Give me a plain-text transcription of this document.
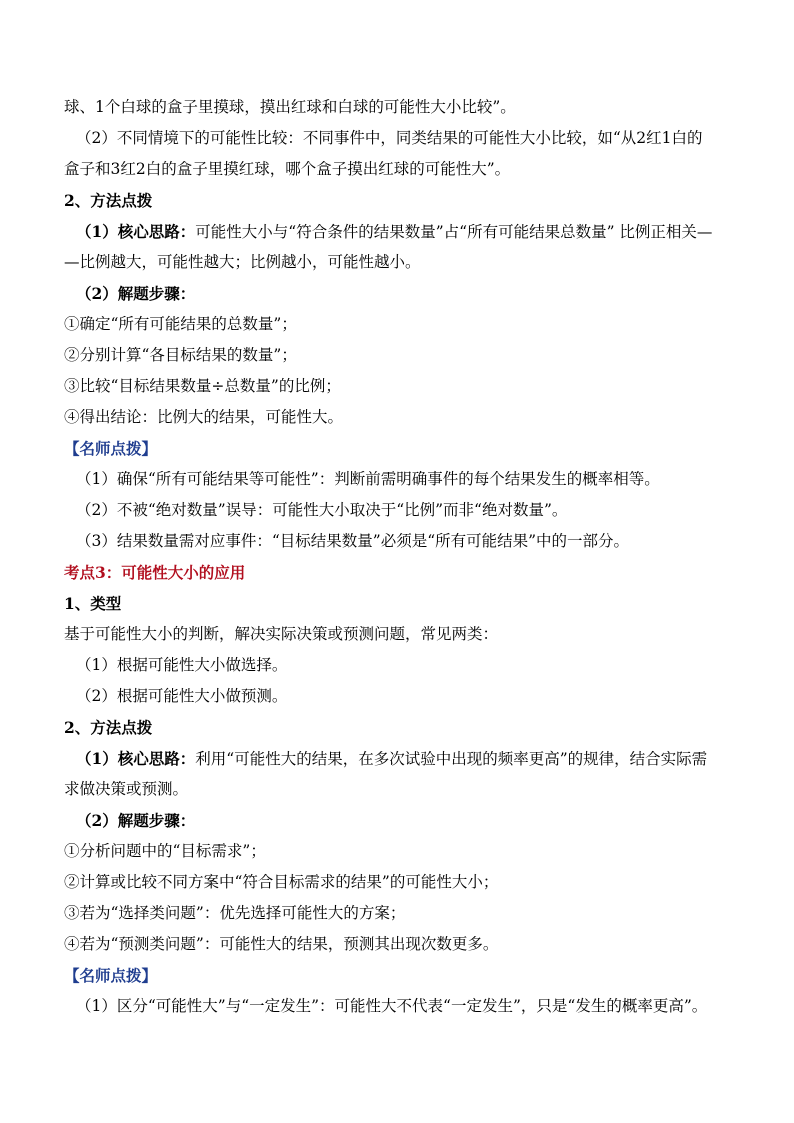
球、1个白球的盒子里摸球，摸出红球和白球的可能性大小比较”。
（2）不同情境下的可能性比较：不同事件中，同类结果的可能性大小比较，如“从2红1白的
盒子和3红2白的盒子里摸红球，哪个盒子摸出红球的可能性大”。
2、方法点拨
（1）核心思路：可能性大小与“符合条件的结果数量”占“所有可能结果总数量” 比例正相关—
—比例越大，可能性越大；比例越小，可能性越小。
（2）解题步骤：
①确定“所有可能结果的总数量”；
②分别计算“各目标结果的数量”；
③比较“目标结果数量÷总数量”的比例；
④得出结论：比例大的结果，可能性大。
【名师点拨】
（1）确保“所有可能结果等可能性”：判断前需明确事件的每个结果发生的概率相等。
（2）不被“绝对数量”误导：可能性大小取决于“比例”而非“绝对数量”。
（3）结果数量需对应事件：“目标结果数量”必须是“所有可能结果”中的一部分。
考点3：可能性大小的应用
1、类型
基于可能性大小的判断，解决实际决策或预测问题，常见两类：
（1）根据可能性大小做选择。
（2）根据可能性大小做预测。
2、方法点拨
（1）核心思路：利用“可能性大的结果，在多次试验中出现的频率更高”的规律，结合实际需
求做决策或预测。
（2）解题步骤：
①分析问题中的“目标需求”；
②计算或比较不同方案中“符合目标需求的结果”的可能性大小；
③若为“选择类问题”：优先选择可能性大的方案；
④若为“预测类问题”：可能性大的结果，预测其出现次数更多。
【名师点拨】
（1）区分“可能性大”与“一定发生”：可能性大不代表“一定发生”，只是“发生的概率更高”。
